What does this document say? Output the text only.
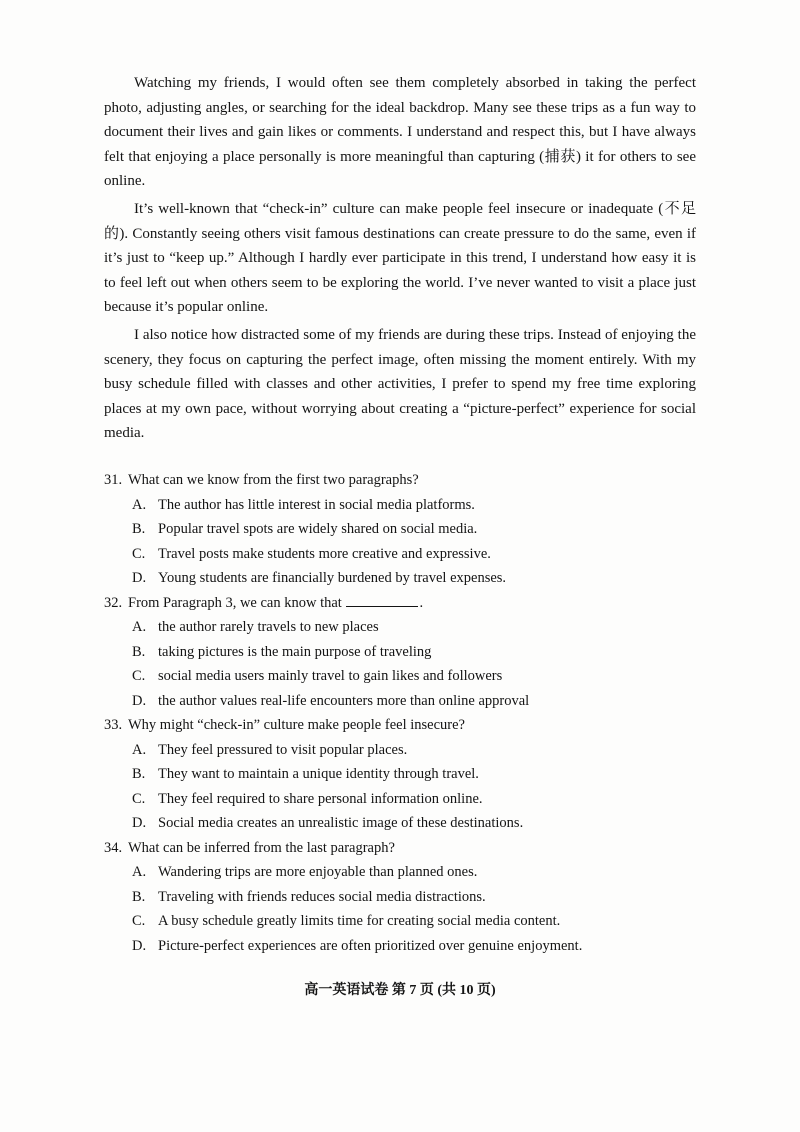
Watching my friends, I would often see them completely absorbed in taking the perfect photo, adjusting angles, or searching for the ideal backdrop. Many see these trips as a fun way to document their lives and gain likes or comments. I understand and respect this, but I have always felt that enjoying a place personally is more meaningful than capturing (捕获) it for others to see online.

It’s well-known that “check-in” culture can make people feel insecure or inadequate (不足的). Constantly seeing others visit famous destinations can create pressure to do the same, even if it’s just to “keep up.” Although I hardly ever participate in this trend, I understand how easy it is to feel left out when others seem to be exploring the world. I’ve never wanted to visit a place just because it’s popular online.

I also notice how distracted some of my friends are during these trips. Instead of enjoying the scenery, they focus on capturing the perfect image, often missing the moment entirely. With my busy schedule filled with classes and other activities, I prefer to spend my free time exploring places at my own pace, without worrying about creating a “picture-perfect” experience for social media.

31. What can we know from the first two paragraphs?
A. The author has little interest in social media platforms.
B. Popular travel spots are widely shared on social media.
C. Travel posts make students more creative and expressive.
D. Young students are financially burdened by travel expenses.
32. From Paragraph 3, we can know that	.
A. the author rarely travels to new places
B. taking pictures is the main purpose of traveling
C. social media users mainly travel to gain likes and followers
D. the author values real-life encounters more than online approval
33. Why might “check-in” culture make people feel insecure?
A. They feel pressured to visit popular places.
B. They want to maintain a unique identity through travel.
C. They feel required to share personal information online.
D. Social media creates an unrealistic image of these destinations.
34. What can be inferred from the last paragraph?
A. Wandering trips are more enjoyable than planned ones.
B. Traveling with friends reduces social media distractions.
C. A busy schedule greatly limits time for creating social media content.
D. Picture-perfect experiences are often prioritized over genuine enjoyment.
高一英语试卷 第 7 页 (共 10 页)
